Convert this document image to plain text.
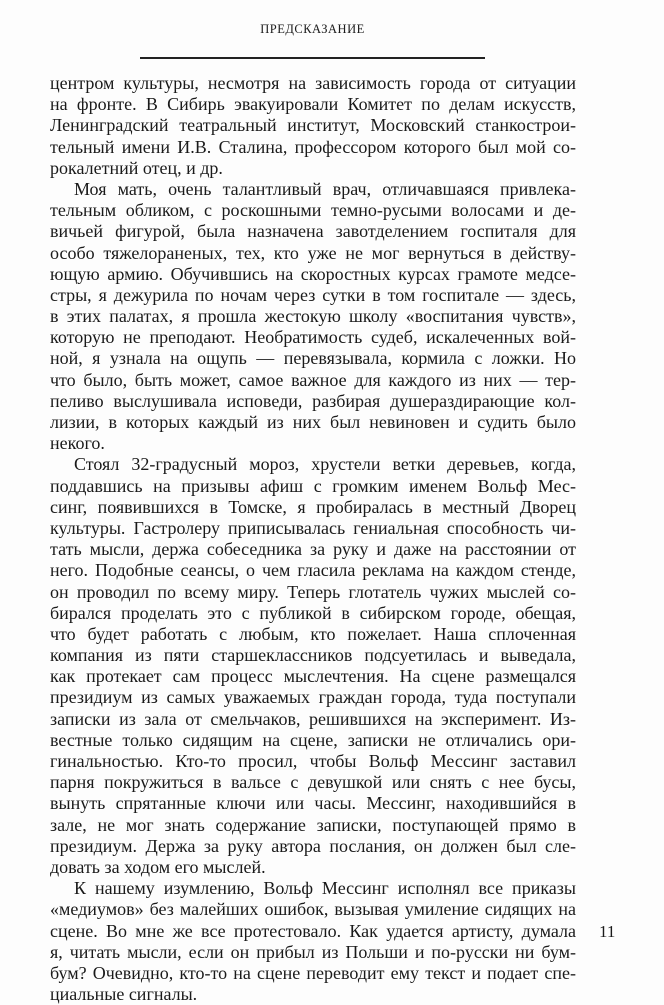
ПРЕДСКАЗАНИЕ
центром культуры, несмотря на зависимость города от ситуации
на фронте. В Сибирь эвакуировали Комитет по делам искусств,
Ленинградский театральный институт, Московский станкострои-
тельный имени И.В. Сталина, профессором которого был мой со-
рокалетний отец, и др.
Моя мать, очень талантливый врач, отличавшаяся привлека-
тельным обликом, с роскошными темно-русыми волосами и де-
вичьей фигурой, была назначена завотделением госпиталя для
особо тяжелораненых, тех, кто уже не мог вернуться в действу-
ющую армию. Обучившись на скоростных курсах грамоте медсе-
стры, я дежурила по ночам через сутки в том госпитале — здесь,
в этих палатах, я прошла жестокую школу «воспитания чувств»,
которую не преподают. Необратимость судеб, искалеченных вой-
ной, я узнала на ощупь — перевязывала, кормила с ложки. Но
что было, быть может, самое важное для каждого из них — тер-
пеливо выслушивала исповеди, разбирая душераздирающие кол-
лизии, в которых каждый из них был невиновен и судить было
некого.
Стоял 32-градусный мороз, хрустели ветки деревьев, когда,
поддавшись на призывы афиш с громким именем Вольф Мес-
синг, появившихся в Томске, я пробиралась в местный Дворец
культуры. Гастролеру приписывалась гениальная способность чи-
тать мысли, держа собеседника за руку и даже на расстоянии от
него. Подобные сеансы, о чем гласила реклама на каждом стенде,
он проводил по всему миру. Теперь глотатель чужих мыслей со-
бирался проделать это с публикой в сибирском городе, обещая,
что будет работать с любым, кто пожелает. Наша сплоченная
компания из пяти старшеклассников подсуетилась и выведала,
как протекает сам процесс мыслечтения. На сцене размещался
президиум из самых уважаемых граждан города, туда поступали
записки из зала от смельчаков, решившихся на эксперимент. Из-
вестные только сидящим на сцене, записки не отличались ори-
гинальностью. Кто-то просил, чтобы Вольф Мессинг заставил
парня покружиться в вальсе с девушкой или снять с нее бусы,
вынуть спрятанные ключи или часы. Мессинг, находившийся в
зале, не мог знать содержание записки, поступающей прямо в
президиум. Держа за руку автора послания, он должен был сле-
довать за ходом его мыслей.
К нашему изумлению, Вольф Мессинг исполнял все приказы
«медиумов» без малейших ошибок, вызывая умиление сидящих на
сцене. Во мне же все протестовало. Как удается артисту, думала
я, читать мысли, если он прибыл из Польши и по-русски ни бум-
бум? Очевидно, кто-то на сцене переводит ему текст и подает спе-
циальные сигналы.
11
